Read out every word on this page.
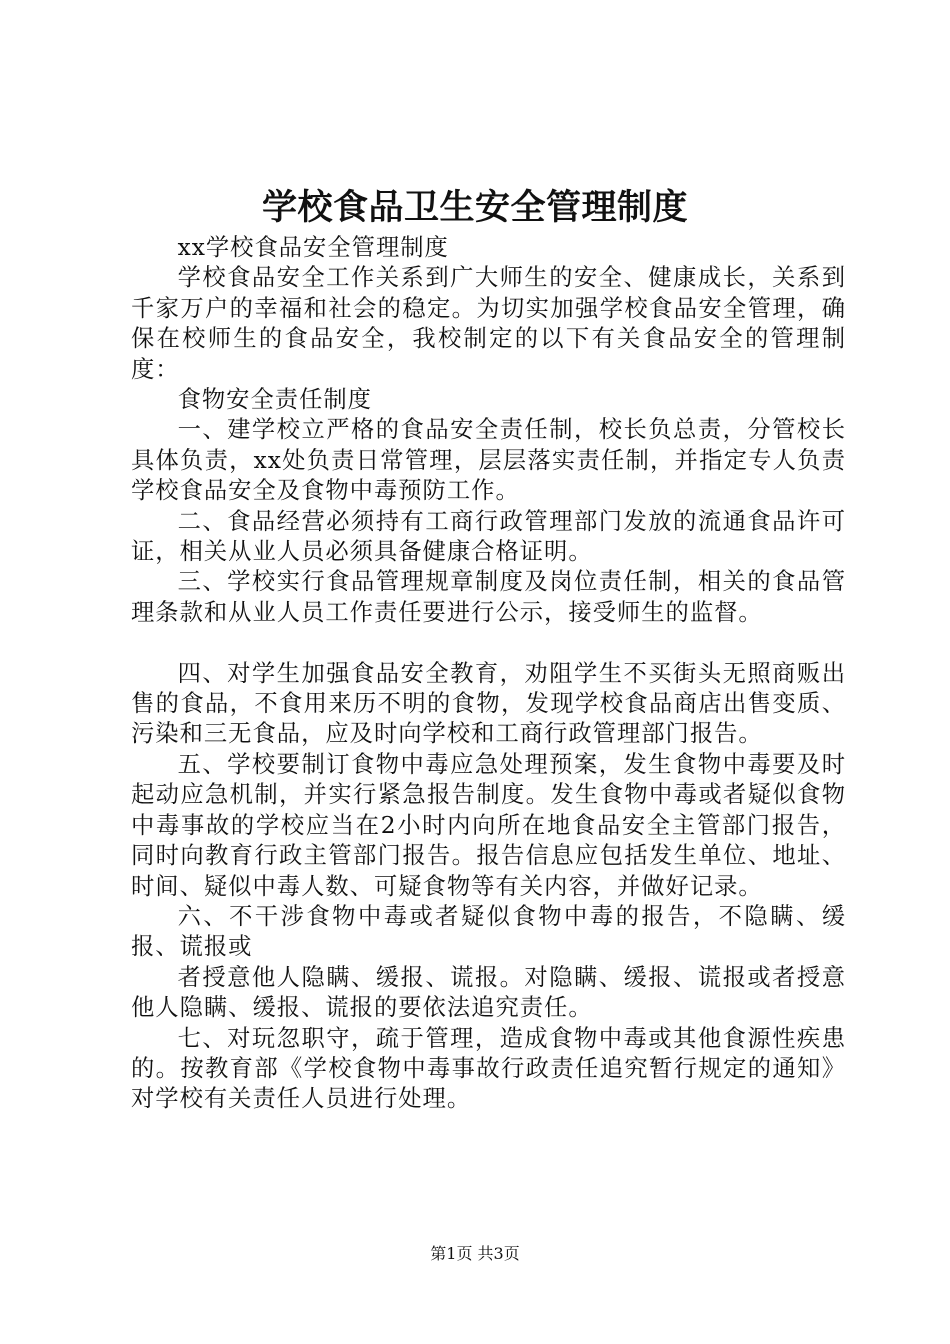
学校食品卫生安全管理制度

xx学校食品安全管理制度

学校食品安全工作关系到广大师生的安全、健康成长，关系到千家万户的幸福和社会的稳定。为切实加强学校食品安全管理，确保在校师生的食品安全，我校制定的以下有关食品安全的管理制度：

食物安全责任制度

一、建学校立严格的食品安全责任制，校长负总责，分管校长具体负责，xx处负责日常管理，层层落实责任制，并指定专人负责学校食品安全及食物中毒预防工作。

二、食品经营必须持有工商行政管理部门发放的流通食品许可证，相关从业人员必须具备健康合格证明。

三、学校实行食品管理规章制度及岗位责任制，相关的食品管理条款和从业人员工作责任要进行公示，接受师生的监督。

四、对学生加强食品安全教育，劝阻学生不买街头无照商贩出售的食品，不食用来历不明的食物，发现学校食品商店出售变质、污染和三无食品，应及时向学校和工商行政管理部门报告。

五、学校要制订食物中毒应急处理预案，发生食物中毒要及时起动应急机制，并实行紧急报告制度。发生食物中毒或者疑似食物中毒事故的学校应当在2小时内向所在地食品安全主管部门报告，同时向教育行政主管部门报告。报告信息应包括发生单位、地址、时间、疑似中毒人数、可疑食物等有关内容，并做好记录。

六、不干涉食物中毒或者疑似食物中毒的报告，不隐瞒、缓报、谎报或

者授意他人隐瞒、缓报、谎报。对隐瞒、缓报、谎报或者授意他人隐瞒、缓报、谎报的要依法追究责任。

七、对玩忽职守，疏于管理，造成食物中毒或其他食源性疾患的。按教育部《学校食物中毒事故行政责任追究暂行规定的通知》对学校有关责任人员进行处理。

第1页 共3页
